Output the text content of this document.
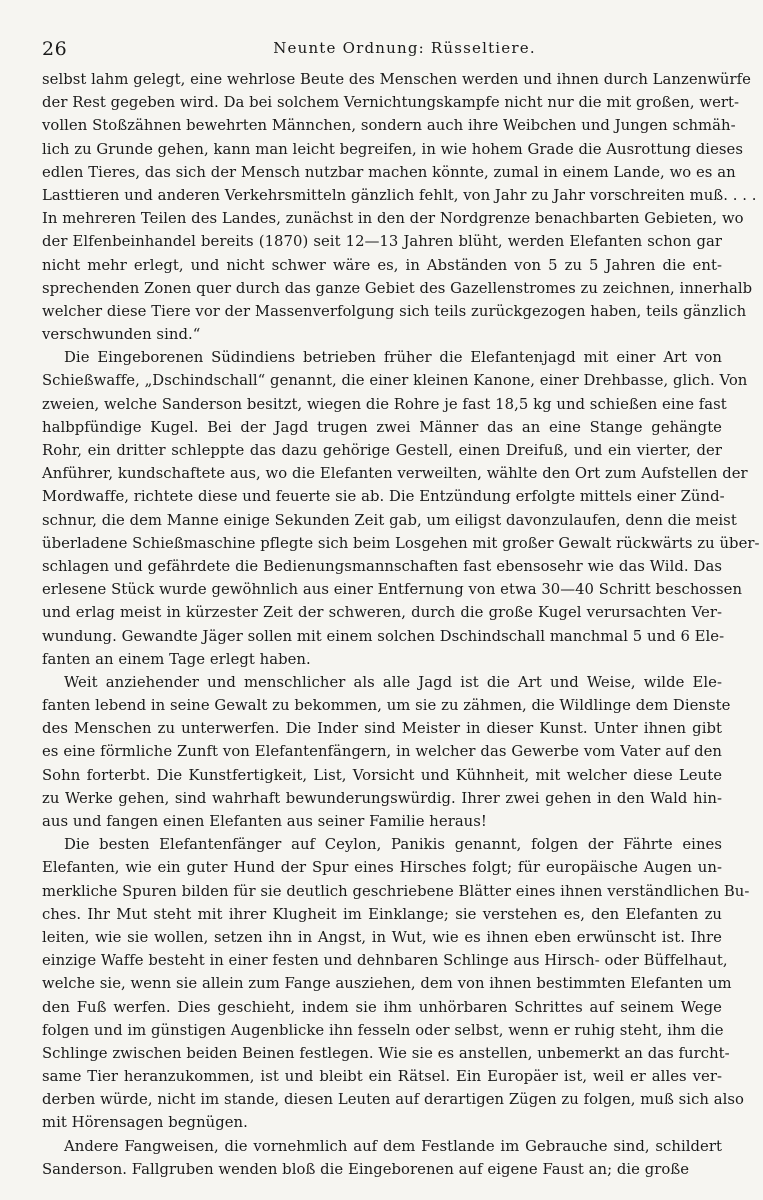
26	Neunte Ordnung: Rüsseltiere.
selbst lahm gelegt, eine wehrlose Beute des Menschen werden und ihnen durch Lanzenwürfe
der Rest gegeben wird. Da bei solchem Vernichtungskampfe nicht nur die mit großen, wert-
vollen Stoßzähnen bewehrten Männchen, sondern auch ihre Weibchen und Jungen schmäh-
lich zu Grunde gehen, kann man leicht begreifen, in wie hohem Grade die Ausrottung dieses
edlen Tieres, das sich der Mensch nutzbar machen könnte, zumal in einem Lande, wo es an
Lasttieren und anderen Verkehrsmitteln gänzlich fehlt, von Jahr zu Jahr vorschreiten muß. . . .
In mehreren Teilen des Landes, zunächst in den der Nordgrenze benachbarten Gebieten, wo
der Elfenbeinhandel bereits (1870) seit 12—13 Jahren blüht, werden Elefanten schon gar
nicht mehr erlegt, und nicht schwer wäre es, in Abständen von 5 zu 5 Jahren die ent-
sprechenden Zonen quer durch das ganze Gebiet des Gazellenstromes zu zeichnen, innerhalb
welcher diese Tiere vor der Massenverfolgung sich teils zurückgezogen haben, teils gänzlich
verschwunden sind.“
Die Eingeborenen Südindiens betrieben früher die Elefantenjagd mit einer Art von
Schießwaffe, „Dschindschall“ genannt, die einer kleinen Kanone, einer Drehbasse, glich. Von
zweien, welche Sanderson besitzt, wiegen die Rohre je fast 18,5 kg und schießen eine fast
halbpfündige Kugel. Bei der Jagd trugen zwei Männer das an eine Stange gehängte
Rohr, ein dritter schleppte das dazu gehörige Gestell, einen Dreifuß, und ein vierter, der
Anführer, kundschaftete aus, wo die Elefanten verweilten, wählte den Ort zum Aufstellen der
Mordwaffe, richtete diese und feuerte sie ab. Die Entzündung erfolgte mittels einer Zünd-
schnur, die dem Manne einige Sekunden Zeit gab, um eiligst davonzulaufen, denn die meist
überladene Schießmaschine pflegte sich beim Losgehen mit großer Gewalt rückwärts zu über-
schlagen und gefährdete die Bedienungsmannschaften fast ebensosehr wie das Wild. Das
erlesene Stück wurde gewöhnlich aus einer Entfernung von etwa 30—40 Schritt beschossen
und erlag meist in kürzester Zeit der schweren, durch die große Kugel verursachten Ver-
wundung. Gewandte Jäger sollen mit einem solchen Dschindschall manchmal 5 und 6 Ele-
fanten an einem Tage erlegt haben.
Weit anziehender und menschlicher als alle Jagd ist die Art und Weise, wilde Ele-
fanten lebend in seine Gewalt zu bekommen, um sie zu zähmen, die Wildlinge dem Dienste
des Menschen zu unterwerfen. Die Inder sind Meister in dieser Kunst. Unter ihnen gibt
es eine förmliche Zunft von Elefantenfängern, in welcher das Gewerbe vom Vater auf den
Sohn forterbt. Die Kunstfertigkeit, List, Vorsicht und Kühnheit, mit welcher diese Leute
zu Werke gehen, sind wahrhaft bewunderungswürdig. Ihrer zwei gehen in den Wald hin-
aus und fangen einen Elefanten aus seiner Familie heraus!
Die besten Elefantenfänger auf Ceylon, Panikis genannt, folgen der Fährte eines
Elefanten, wie ein guter Hund der Spur eines Hirsches folgt; für europäische Augen un-
merkliche Spuren bilden für sie deutlich geschriebene Blätter eines ihnen verständlichen Bu-
ches. Ihr Mut steht mit ihrer Klugheit im Einklange; sie verstehen es, den Elefanten zu
leiten, wie sie wollen, setzen ihn in Angst, in Wut, wie es ihnen eben erwünscht ist. Ihre
einzige Waffe besteht in einer festen und dehnbaren Schlinge aus Hirsch- oder Büffelhaut,
welche sie, wenn sie allein zum Fange ausziehen, dem von ihnen bestimmten Elefanten um
den Fuß werfen. Dies geschieht, indem sie ihm unhörbaren Schrittes auf seinem Wege
folgen und im günstigen Augenblicke ihn fesseln oder selbst, wenn er ruhig steht, ihm die
Schlinge zwischen beiden Beinen festlegen. Wie sie es anstellen, unbemerkt an das furcht-
same Tier heranzukommen, ist und bleibt ein Rätsel. Ein Europäer ist, weil er alles ver-
derben würde, nicht im stande, diesen Leuten auf derartigen Zügen zu folgen, muß sich also
mit Hörensagen begnügen.
Andere Fangweisen, die vornehmlich auf dem Festlande im Gebrauche sind, schildert
Sanderson. Fallgruben wenden bloß die Eingeborenen auf eigene Faust an; die große
